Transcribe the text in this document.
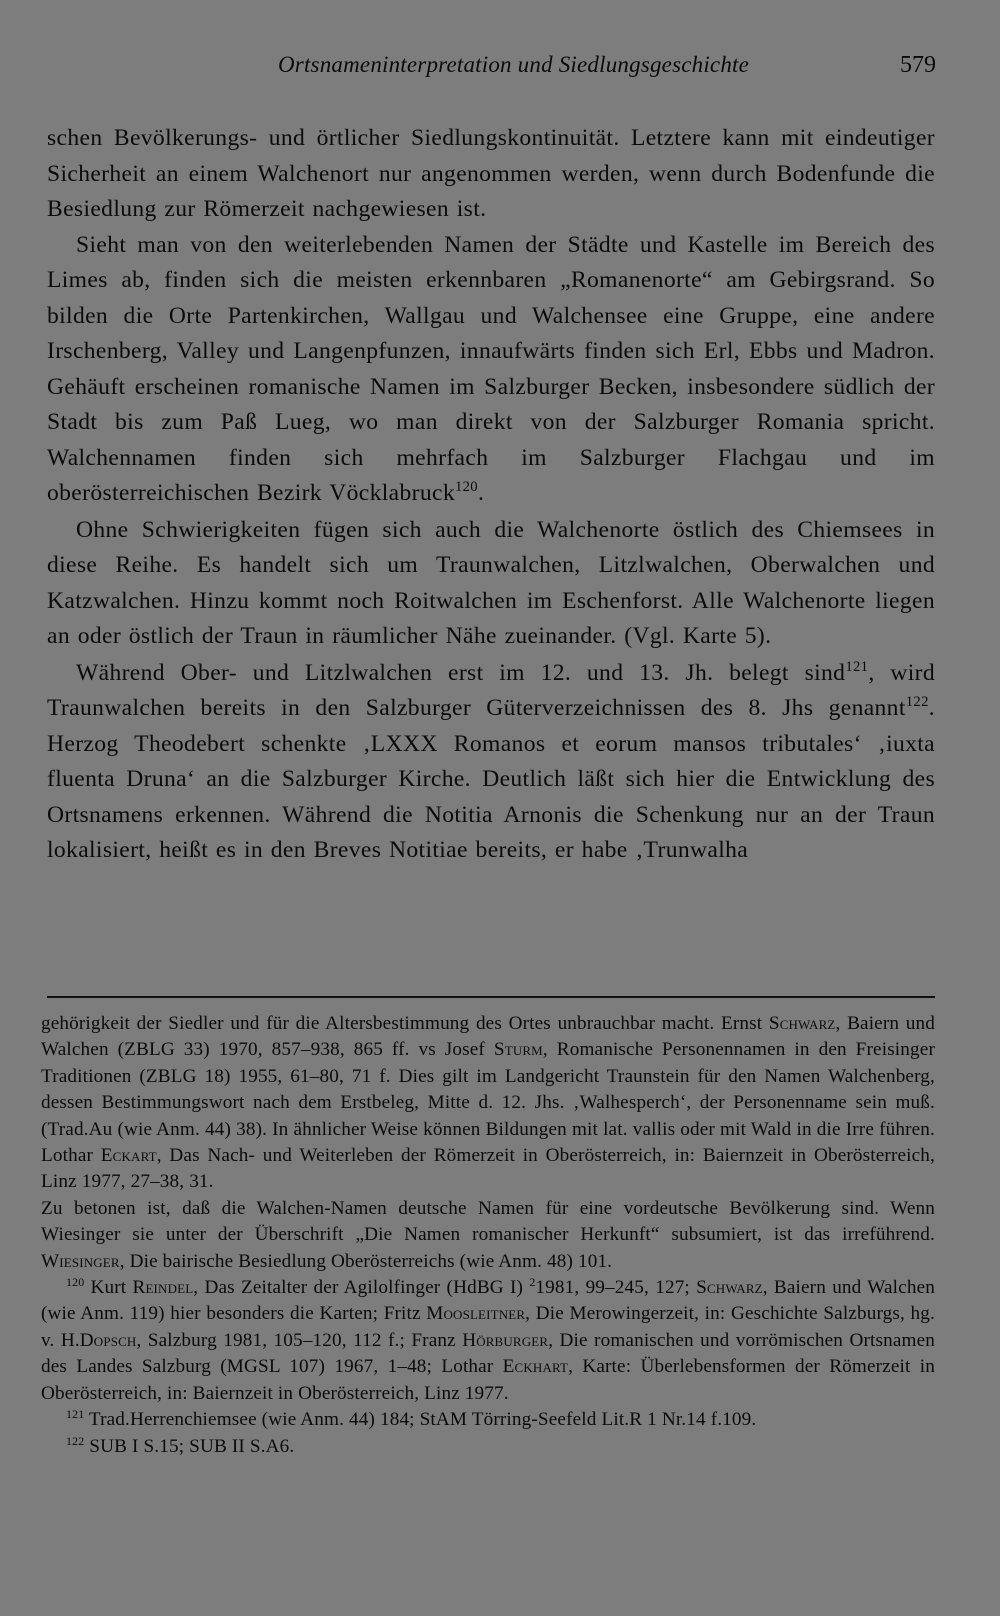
Ortsnameninterpretation und Siedlungsgeschichte	579

schen Bevölkerungs- und örtlicher Siedlungskontinuität. Letztere kann mit eindeutiger Sicherheit an einem Walchenort nur angenommen werden, wenn durch Bodenfunde die Besiedlung zur Römerzeit nachgewiesen ist.

Sieht man von den weiterlebenden Namen der Städte und Kastelle im Bereich des Limes ab, finden sich die meisten erkennbaren „Romanenorte“ am Gebirgsrand. So bilden die Orte Partenkirchen, Wallgau und Walchensee eine Gruppe, eine andere Irschenberg, Valley und Langenpfunzen, innaufwärts finden sich Erl, Ebbs und Madron. Gehäuft erscheinen romanische Namen im Salzburger Becken, insbesondere südlich der Stadt bis zum Paß Lueg, wo man direkt von der Salzburger Romania spricht. Walchennamen finden sich mehrfach im Salzburger Flachgau und im oberösterreichischen Bezirk Vöcklabruck$^{120}$.

Ohne Schwierigkeiten fügen sich auch die Walchenorte östlich des Chiemsees in diese Reihe. Es handelt sich um Traunwalchen, Litzlwalchen, Oberwalchen und Katzwalchen. Hinzu kommt noch Roitwalchen im Eschenforst. Alle Walchenorte liegen an oder östlich der Traun in räumlicher Nähe zueinander. (Vgl. Karte 5).

Während Ober- und Litzlwalchen erst im 12. und 13. Jh. belegt sind$^{121}$, wird Traunwalchen bereits in den Salzburger Güterverzeichnissen des 8. Jhs genannt$^{122}$. Herzog Theodebert schenkte ‚LXXX Romanos et eorum mansos tributales‘ ‚iuxta fluenta Druna‘ an die Salzburger Kirche. Deutlich läßt sich hier die Entwicklung des Ortsnamens erkennen. Während die Notitia Arnonis die Schenkung nur an der Traun lokalisiert, heißt es in den Breves Notitiae bereits, er habe ‚Trunwalha

gehörigkeit der Siedler und für die Altersbestimmung des Ortes unbrauchbar macht. Ernst Schwarz, Baiern und Walchen (ZBLG 33) 1970, 857–938, 865 ff. vs Josef Sturm, Romanische Personennamen in den Freisinger Traditionen (ZBLG 18) 1955, 61–80, 71 f. Dies gilt im Landgericht Traunstein für den Namen Walchenberg, dessen Bestimmungswort nach dem Erstbeleg, Mitte d. 12. Jhs. ‚Walhesperch‘, der Personenname sein muß. (Trad.Au (wie Anm. 44) 38). In ähnlicher Weise können Bildungen mit lat. vallis oder mit Wald in die Irre führen. Lothar Eckart, Das Nach- und Weiterleben der Römerzeit in Oberösterreich, in: Baiernzeit in Oberösterreich, Linz 1977, 27–38, 31.

Zu betonen ist, daß die Walchen-Namen deutsche Namen für eine vordeutsche Bevölkerung sind. Wenn Wiesinger sie unter der Überschrift „Die Namen romanischer Herkunft“ subsumiert, ist das irreführend. Wiesinger, Die bairische Besiedlung Oberösterreichs (wie Anm. 48) 101.

$^{120}$ Kurt Reindel, Das Zeitalter der Agilolfinger (HdBG I) $^2$1981, 99–245, 127; Schwarz, Baiern und Walchen (wie Anm. 119) hier besonders die Karten; Fritz Moosleitner, Die Merowingerzeit, in: Geschichte Salzburgs, hg. v. H.Dopsch, Salzburg 1981, 105–120, 112 f.; Franz Hörburger, Die romanischen und vorrömischen Ortsnamen des Landes Salzburg (MGSL 107) 1967, 1–48; Lothar Eckhart, Karte: Überlebensformen der Römerzeit in Oberösterreich, in: Baiernzeit in Oberösterreich, Linz 1977.

$^{121}$ Trad.Herrenchiemsee (wie Anm. 44) 184; StAM Törring-Seefeld Lit.R 1 Nr.14 f.109.

$^{122}$ SUB I S.15; SUB II S.A6.
